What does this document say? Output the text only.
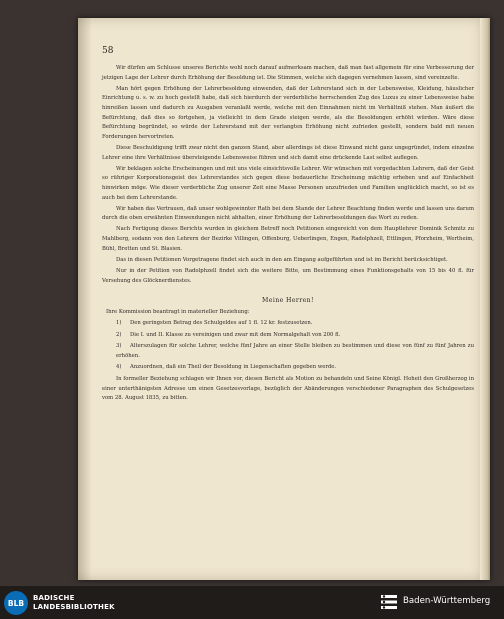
58

Wir dürfen am Schlusse unseres Berichts wohl noch darauf aufmerksam machen, daß man fast allgemein für eine Verbesserung der jetzigen Lage der Lehrer durch Erhöhung der Besoldung ist. Die Stimmen, welche sich dagegen vernehmen lassen, sind vereinzelte.

Man hört gegen Erhöhung der Lehrerbesoldung einwenden, daß der Lehrerstand sich in der Lebensweise, Kleidung, häuslicher Einrichtung u. s. w. zu hoch gestellt habe, daß sich hierdurch der verderbliche herrschenden Zug des Luxus zu einer Lebensweise habe hinreißen lassen und dadurch zu Ausgaben veranlaßt werde, welche mit den Einnahmen nicht im Verhältniß stehen. Man äußert die Befürchtung, daß dies so fortgehen, ja vielleicht in dem Grade steigen werde, als die Besoldungen erhöht würden. Wäre diese Befürchtung begründet, so würde der Lehrerstand mit der verlangten Erhöhung nicht zufrieden gestellt, sondern bald mit neuen Forderungen hervortreten.

Diese Beschuldigung trifft zwar nicht den ganzen Stand, aber allerdings ist diese Einwand nicht ganz ungegründet, indem einzelne Lehrer eine ihre Verhältnisse übersteigende Lebensweise führen und sich damit eine drückende Last selbst auflegen.

Wir beklagen solche Erscheinungen und mit uns viele einsichtsvolle Lehrer. Wir wünschen mit vorgedachten Lehrern, daß der Geist so rühriger Korporationsgeist des Lehrerstandes sich gegen diese bedauerliche Erscheinung mächtig erheben und auf Einfachheit hinwirken möge. Wie dieser verderbliche Zug unserer Zeit eine Masse Personen unzufrieden und Familien unglücklich macht, so ist es auch bei dem Lehrerstande.

Wir haben das Vertrauen, daß unser wohlgewinnter Rath bei dem Stande der Lehrer Beachtung finden werde und lassen uns darum durch die oben erwähnten Einwendungen nicht abhalten, einer Erhöhung der Lehrerbesoldungen das Wort zu reden.

Nach Fertigung dieses Berichts wurden in gleichem Betreff noch Petitionen eingereicht von dem Hauptlehrer Dominik Schmitz zu Mahlberg, sodann von den Lehrern der Bezirke Villingen, Offenburg, Ueberlingen, Engen, Radolphzell, Ettlingen, Pforzheim, Wertheim, Bühl, Bretten und St. Blasien.

Das in diesen Petitionen Vorgetragene findet sich auch in den am Eingang aufgeführten und ist im Bericht berücksichtiget.

Nur in der Petition von Radolphzell findet sich die weitere Bitte, um Bestimmung eines Funktionsgehalts von 15 bis 40 fl. für Versehung des Glöcknerdienstes.

Meine Herren!

Ihre Kommission beantragt in materieller Beziehung:

1) Den geringsten Betrag des Schulgeldes auf 1 fl. 12 kr. festzusetzen.
2) Die I. und II. Klasse zu vereinigen und zwar mit dem Normalgehalt von 200 fl.
3) Alterszulagen für solche Lehrer, welche fünf Jahre an einer Stelle bleiben zu bestimmen und diese von fünf zu fünf Jahren zu erhöhen.
4) Anzuordnen, daß ein Theil der Besoldung in Liegenschaften gegeben werde.

In formeller Beziehung schlagen wir Ihnen vor, diesen Bericht als Motion zu behandeln und Seine Königl. Hoheit den Großherzog in einer unterthänigsten Adresse um einen Gesetzesvorlage, bezüglich der Abänderungen verschiedener Paragraphen des Schulgesetzes vom 28. August 1835, zu bitten.

BLB
BADISCHE
LANDESBIBLIOTHEK
Baden-Württemberg
